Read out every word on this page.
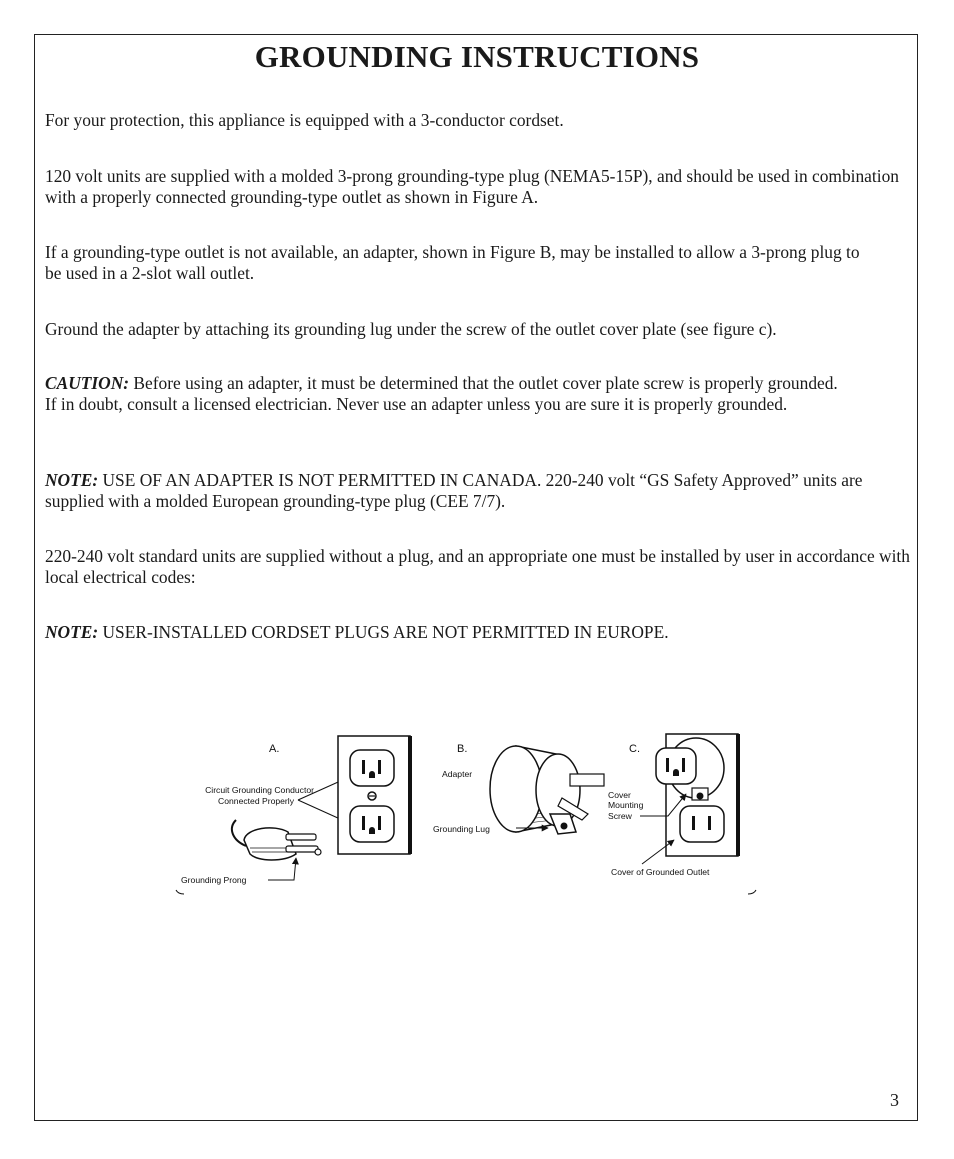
GROUNDING INSTRUCTIONS

For your protection, this appliance is equipped with a 3-conductor cordset.

120 volt units are supplied with a molded 3-prong grounding-type plug (NEMA5-15P), and should be used in combination with a properly connected grounding-type outlet as shown in Figure A.

If a grounding-type outlet is not available, an adapter, shown in Figure B, may be installed to allow a 3-prong plug to be used in a 2-slot wall outlet.

Ground the adapter by attaching its grounding lug under the screw of the outlet cover plate (see figure c).

CAUTION: Before using an adapter, it must be determined that the outlet cover plate screw is properly grounded. If in doubt, consult a licensed electrician. Never use an adapter unless you are sure it is properly grounded.

NOTE: USE OF AN ADAPTER IS NOT PERMITTED IN CANADA. 220-240 volt “GS Safety Approved” units are supplied with a molded European grounding-type plug (CEE 7/7).

220-240 volt standard units are supplied without a plug, and an appropriate one must be installed by user in accordance with local electrical codes:

NOTE: USER-INSTALLED CORDSET PLUGS ARE NOT PERMITTED IN EUROPE.

A.
Circuit Grounding Conductor
Connected Properly
Grounding Prong
B.
Adapter
Grounding Lug
C.
Cover
Mounting
Screw
Cover of Grounded Outlet
3
